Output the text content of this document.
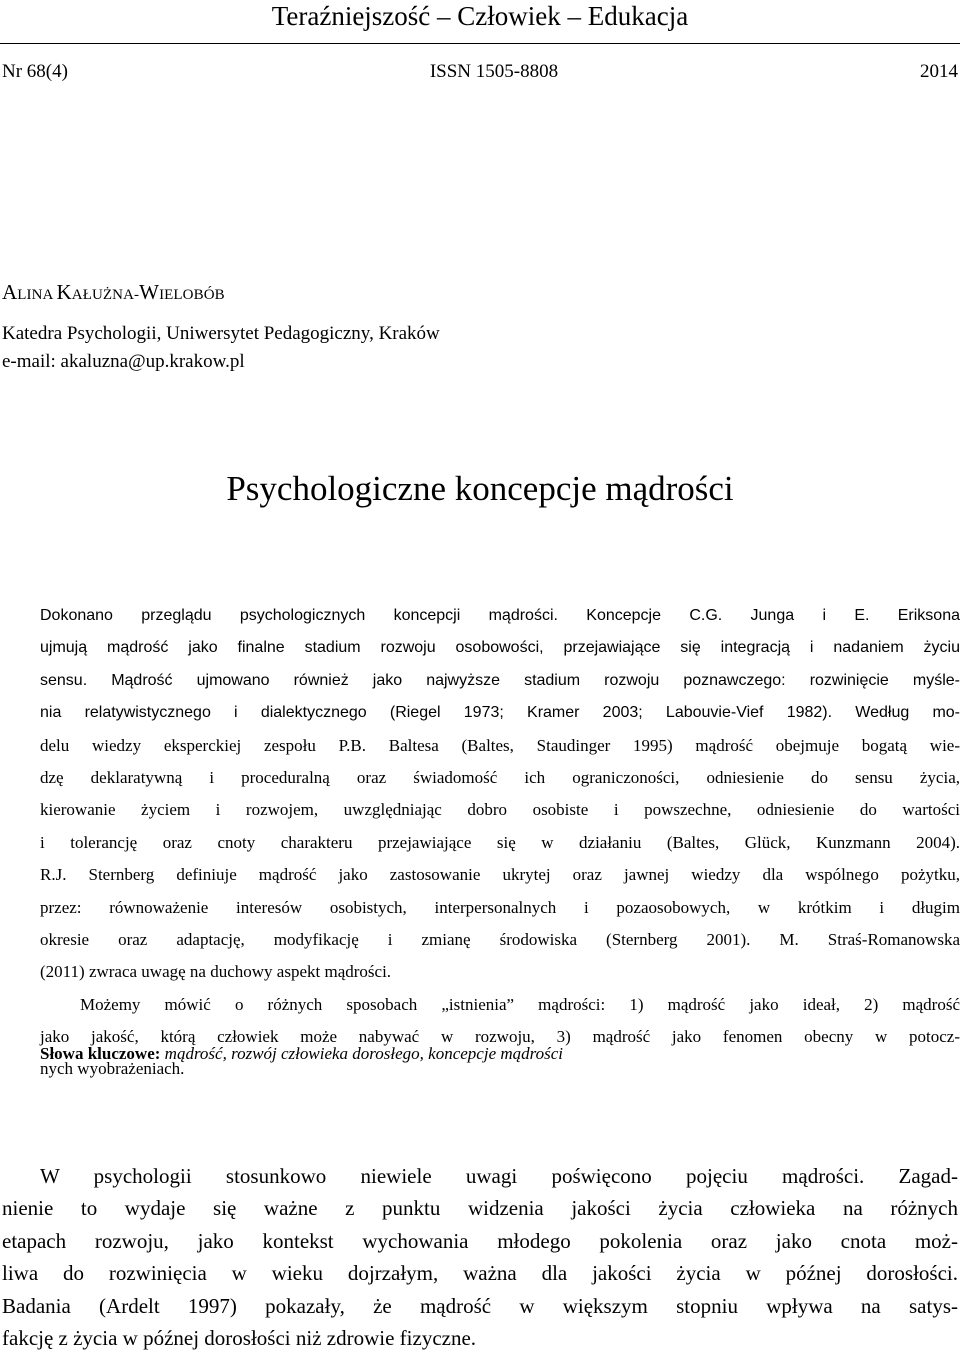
Teraźniejszość – Człowiek – Edukacja
Nr 68(4)	ISSN 1505-8808	2014
ALINA KAŁUŻNA-WIELOBÓB
Katedra Psychologii, Uniwersytet Pedagogiczny, Kraków
e-mail: akaluzna@up.krakow.pl
Psychologiczne koncepcje mądrości
Dokonano przeglądu psychologicznych koncepcji mądrości. Koncepcje C.G. Junga i E. Eriksona
ujmują mądrość jako finalne stadium rozwoju osobowości, przejawiające się integracją i nadaniem życiu
sensu. Mądrość ujmowano również jako najwyższe stadium rozwoju poznawczego: rozwinięcie myśle-
nia relatywistycznego i dialektycznego (Riegel 1973; Kramer 2003; Labouvie-Vief 1982). Według mo-
delu wiedzy eksperckiej zespołu P.B. Baltesa (Baltes, Staudinger 1995) mądrość obejmuje bogatą wie-
dzę deklaratywną i proceduralną oraz świadomość ich ograniczoności, odniesienie do sensu życia,
kierowanie życiem i rozwojem, uwzględniając dobro osobiste i powszechne, odniesienie do wartości
i tolerancję oraz cnoty charakteru przejawiające się w działaniu (Baltes, Glück, Kunzmann 2004).
R.J. Sternberg definiuje mądrość jako zastosowanie ukrytej oraz jawnej wiedzy dla wspólnego pożytku,
przez: równoważenie interesów osobistych, interpersonalnych i pozaosobowych, w krótkim i długim
okresie oraz adaptację, modyfikację i zmianę środowiska (Sternberg 2001). M. Straś-Romanowska
(2011) zwraca uwagę na duchowy aspekt mądrości.
Możemy mówić o różnych sposobach „istnienia” mądrości: 1) mądrość jako ideał, 2) mądrość
jako jakość, którą człowiek może nabywać w rozwoju, 3) mądrość jako fenomen obecny w potocz-
nych wyobrażeniach.
Słowa kluczowe: mądrość, rozwój człowieka dorosłego, koncepcje mądrości
W psychologii stosunkowo niewiele uwagi poświęcono pojęciu mądrości. Zagad-
nienie to wydaje się ważne z punktu widzenia jakości życia człowieka na różnych
etapach rozwoju, jako kontekst wychowania młodego pokolenia oraz jako cnota moż-
liwa do rozwinięcia w wieku dojrzałym, ważna dla jakości życia w późnej dorosłości.
Badania (Ardelt 1997) pokazały, że mądrość w większym stopniu wpływa na satys-
fakcję z życia w późnej dorosłości niż zdrowie fizyczne.
